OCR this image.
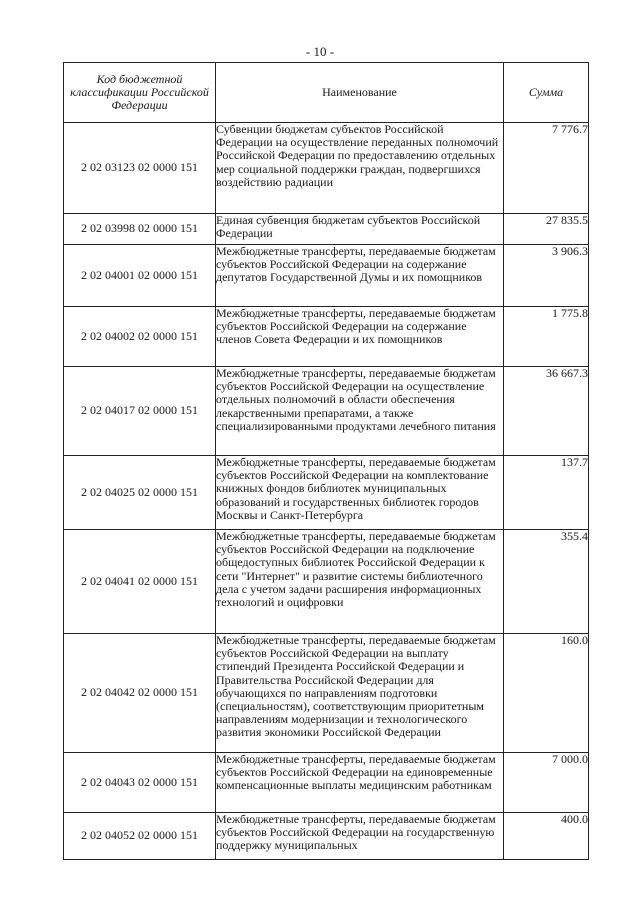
- 10 -
Код бюджетной классификации Российской Федерации	Наименование	Сумма
2 02 03123 02 0000 151	Субвенции бюджетам субъектов Российской Федерации на осуществление переданных полномочий Российской Федерации по предоставлению отдельных мер социальной поддержки граждан, подвергшихся воздействию радиации	7 776.7
2 02 03998 02 0000 151	Единая субвенция бюджетам субъектов Российской Федерации	27 835.5
2 02 04001 02 0000 151	Межбюджетные трансферты, передаваемые бюджетам субъектов Российской Федерации на содержание депутатов Государственной Думы и их помощников	3 906.3
2 02 04002 02 0000 151	Межбюджетные трансферты, передаваемые бюджетам субъектов Российской Федерации на содержание членов Совета Федерации и их помощников	1 775.8
2 02 04017 02 0000 151	Межбюджетные трансферты, передаваемые бюджетам субъектов Российской Федерации на осуществление отдельных полномочий в области обеспечения лекарственными препаратами, а также специализированными продуктами лечебного питания	36 667.3
2 02 04025 02 0000 151	Межбюджетные трансферты, передаваемые бюджетам субъектов Российской Федерации на комплектование книжных фондов библиотек муниципальных образований и государственных библиотек городов Москвы и Санкт-Петербурга	137.7
2 02 04041 02 0000 151	Межбюджетные трансферты, передаваемые бюджетам субъектов Российской Федерации на подключение общедоступных библиотек Российской Федерации к сети "Интернет" и развитие системы библиотечного дела с учетом задачи расширения информационных технологий и оцифровки	355.4
2 02 04042 02 0000 151	Межбюджетные трансферты, передаваемые бюджетам субъектов Российской Федерации на выплату стипендий Президента Российской Федерации и Правительства Российской Федерации для обучающихся по направлениям подготовки (специальностям), соответствующим приоритетным направлениям модернизации и технологического развития экономики Российской Федерации	160.0
2 02 04043 02 0000 151	Межбюджетные трансферты, передаваемые бюджетам субъектов Российской Федерации на единовременные компенсационные выплаты медицинским работникам	7 000.0
2 02 04052 02 0000 151	Межбюджетные трансферты, передаваемые бюджетам субъектов Российской Федерации на государственную поддержку муниципальных	400.0
